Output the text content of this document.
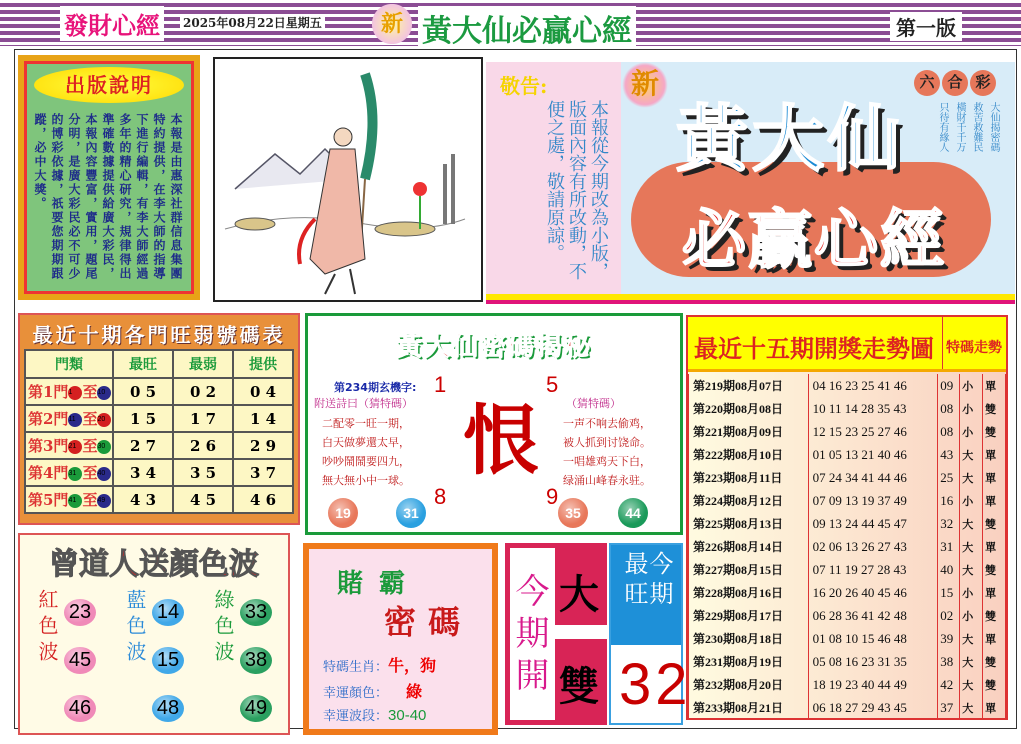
發財心經	2025年08月22日星期五	新 黃大仙必贏心經	第一版
出版說明
本報是由惠深社群信息集團特約提供，在李大師的指導下進行編輯，有李大師經過多年的精心研究，規律得出準確數據提供給廣大彩民，本報內容豐富，實用，題尾分明，是廣大彩民必不可少的博彩依據，祇要您期期跟蹤，必中大獎。
敬告:
本報從今期改為小版，版面內容有所改動，不便之處，敬請原諒。
新
黃大仙
必贏心經
六 合 彩
大仙揭密碼
救苦救難民
橫財千千万
只待有緣人
最近十期各門旺弱號碼表
門類	最旺	最弱	提供
第1門1 至10	0 5	0 2	0 4
第2門11 至20	1 5	1 7	1 4
第3門21 至30	2 7	2 6	2 9
第4門31 至40	3 4	3 5	3 7
第5門41 至49	4 3	4 5	4 6
黃大仙密碼揭秘
第234期玄機字:
附送詩曰（猜特碼）
二配零一旺一期，
白天做夢還太早，
吵吵鬧鬧要四九，
無大無小中一球。
（猜特碼）
一声不响去偷鸡，
被人抓到讨饶命。
一唱雄鸡天下白，
绿涌山峰春永驻。
恨
1	5
8	9
19	31	35	44
最近十五期開獎走勢圖 特碼走勢
第219期08月07日	04 16 23 25 41 46	09	小	單
第220期08月08日	10 11 14 28 35 43	08	小	雙
第221期08月09日	12 15 23 25 27 46	08	小	雙
第222期08月10日	01 05 13 21 40 46	43	大	單
第223期08月11日	07 24 34 41 44 46	25	大	單
第224期08月12日	07 09 13 19 37 49	16	小	單
第225期08月13日	09 13 24 44 45 47	32	大	雙
第226期08月14日	02 06 13 26 27 43	31	大	單
第227期08月15日	07 11 19 27 28 43	40	大	雙
第228期08月16日	16 20 26 40 45 46	15	小	單
第229期08月17日	06 28 36 41 42 48	02	小	雙
第230期08月18日	01 08 10 15 46 48	39	大	單
第231期08月19日	05 08 16 23 31 35	38	大	雙
第232期08月20日	18 19 23 40 44 49	42	大	雙
第233期08月21日	06 18 27 29 43 45	37	大	單
曾道人送顏色波
紅色波 23
45
46
藍色波 14
15
48
綠色波 33
38
49
賭霸
密碼
特碼生肖：牛，狗
幸運顏色： 綠
幸運波段：30-40
今期開 大
雙
今期
最旺
32
